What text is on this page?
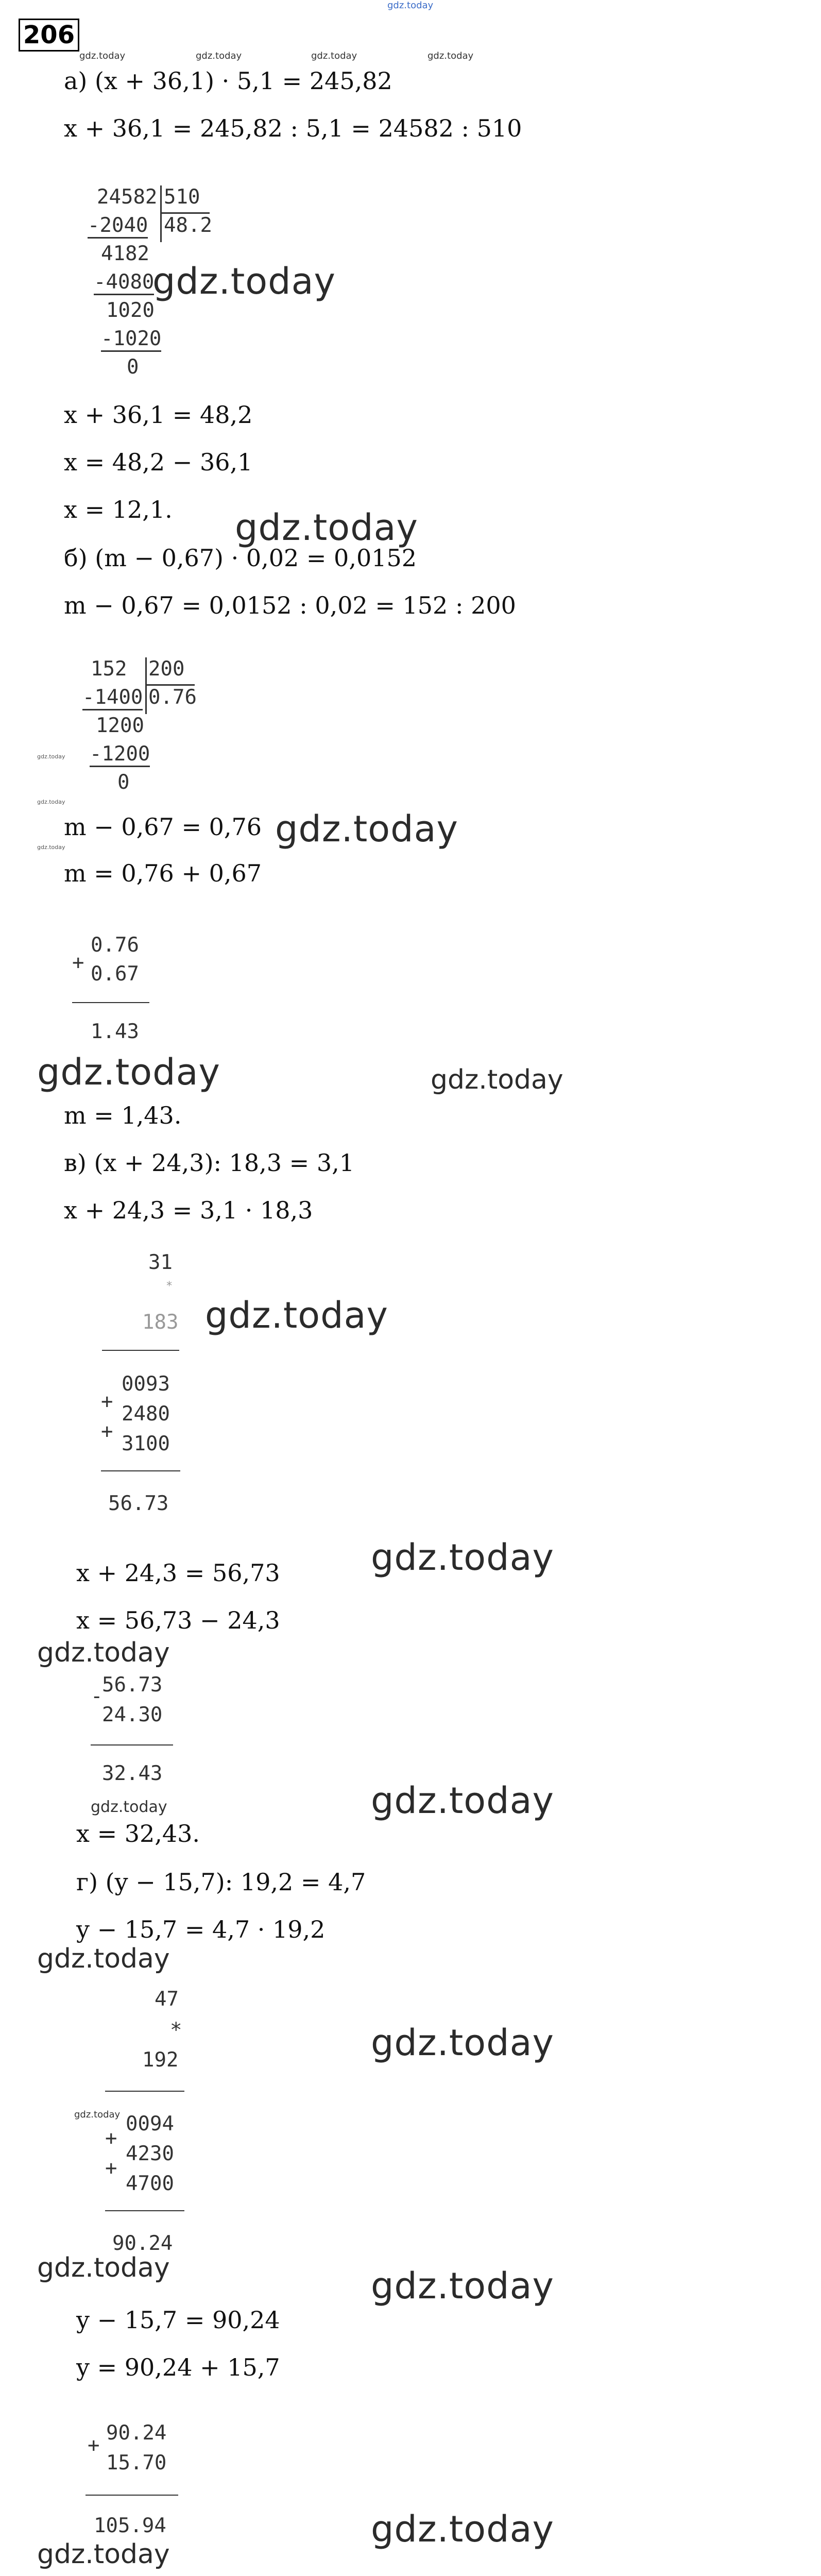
gdz.today
206
gdz.today	gdz.today	gdz.today	gdz.today
а) (x + 36,1) · 5,1 = 245,82
x + 36,1 = 245,82 : 5,1 = 24582 : 510
24582 510
48.2
-2040
4182
-4080
1020
-1020
0
gdz.today
x + 36,1 = 48,2
x = 48,2 − 36,1
x = 12,1. gdz.today
б) (m − 0,67) · 0,02 = 0,0152
m − 0,67 = 0,0152 : 0,02 = 152 : 200
152 200
0.76
-1400
1200
-1200
0
gdz.today
gdz.today
m − 0,67 = 0,76 gdz.today
gdz.today
m = 0,76 + 0,67
+
0.76
0.67
1.43
gdz.today	gdz.today
m = 1,43.
в) (x + 24,3): 18,3 = 3,1
x + 24,3 = 3,1 · 18,3
31
*
183
+
+
0093
2480
3100
56.73
gdz.today
gdz.today
x + 24,3 = 56,73
x = 56,73 − 24,3
gdz.today
-
56.73
24.30
32.43
gdz.today	gdz.today
x = 32,43.
г) (y − 15,7): 19,2 = 4,7
y − 15,7 = 4,7 · 19,2
gdz.today
47
*
192
gdz.today
+
+
0094
4230
4700
90.24
gdz.today
gdz.today	gdz.today
y − 15,7 = 90,24
y = 90,24 + 15,7
+
90.24
15.70
105.94	gdz.today
gdz.today
